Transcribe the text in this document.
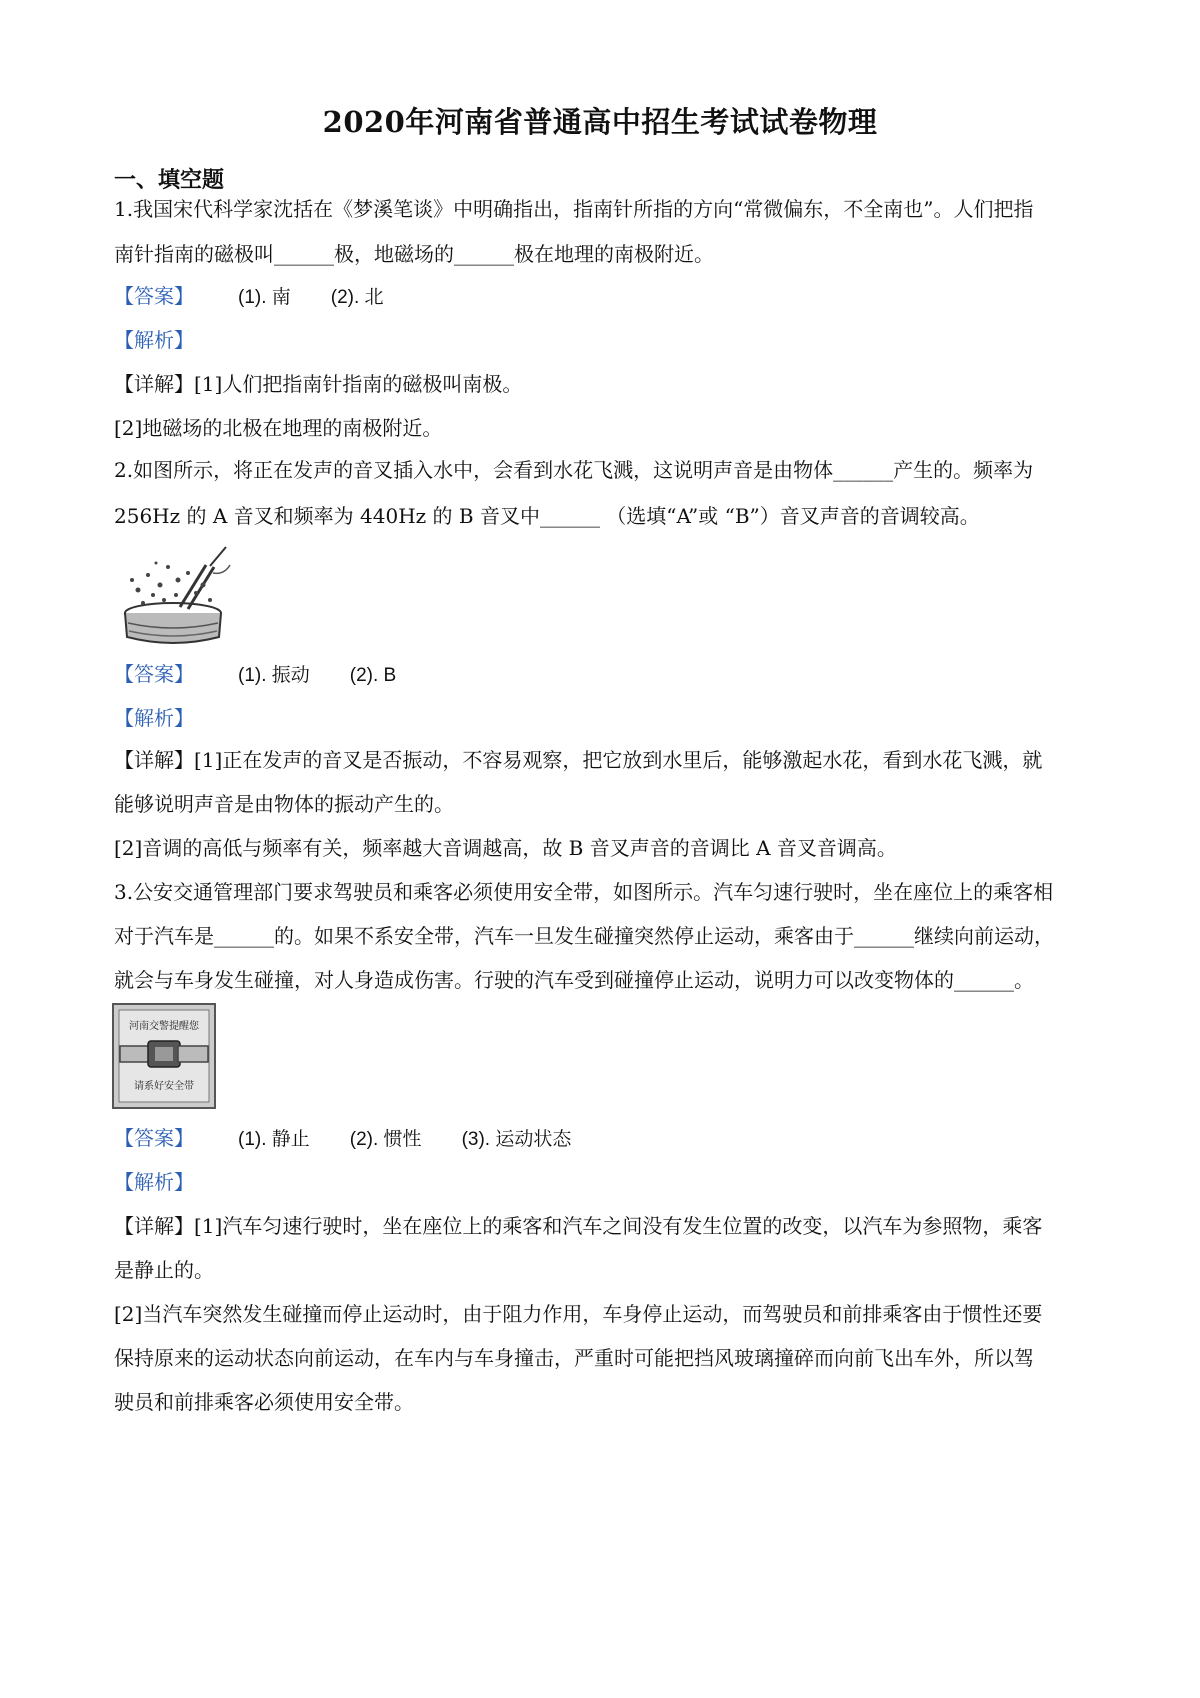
2020年河南省普通高中招生考试试卷物理
一、填空题
1.我国宋代科学家沈括在《梦溪笔谈》中明确指出，指南针所指的方向“常微偏东，不全南也”。人们把指
南针指南的磁极叫______极，地磁场的______极在地理的南极附近。
【答案】 (1). 南 (2). 北
【解析】
【详解】[1]人们把指南针指南的磁极叫南极。
[2]地磁场的北极在地理的南极附近。
2.如图所示，将正在发声的音叉插入水中，会看到水花飞溅，这说明声音是由物体______产生的。频率为
256Hz 的 A 音叉和频率为 440Hz 的 B 音叉中______ （选填“A”或 “B”）音叉声音的音调较高。
【答案】 (1). 振动 (2). B
【解析】
【详解】[1]正在发声的音叉是否振动，不容易观察，把它放到水里后，能够激起水花，看到水花飞溅，就
能够说明声音是由物体的振动产生的。
[2]音调的高低与频率有关，频率越大音调越高，故 B 音叉声音的音调比 A 音叉音调高。
3.公安交通管理部门要求驾驶员和乘客必须使用安全带，如图所示。汽车匀速行驶时，坐在座位上的乘客相
对于汽车是______的。如果不系安全带，汽车一旦发生碰撞突然停止运动，乘客由于______继续向前运动，
就会与车身发生碰撞，对人身造成伤害。行驶的汽车受到碰撞停止运动，说明力可以改变物体的______。
河南交警提醒您
请系好安全带
【答案】 (1). 静止 (2). 惯性 (3). 运动状态
【解析】
【详解】[1]汽车匀速行驶时，坐在座位上的乘客和汽车之间没有发生位置的改变，以汽车为参照物，乘客
是静止的。
[2]当汽车突然发生碰撞而停止运动时，由于阻力作用，车身停止运动，而驾驶员和前排乘客由于惯性还要
保持原来的运动状态向前运动，在车内与车身撞击，严重时可能把挡风玻璃撞碎而向前飞出车外，所以驾
驶员和前排乘客必须使用安全带。
